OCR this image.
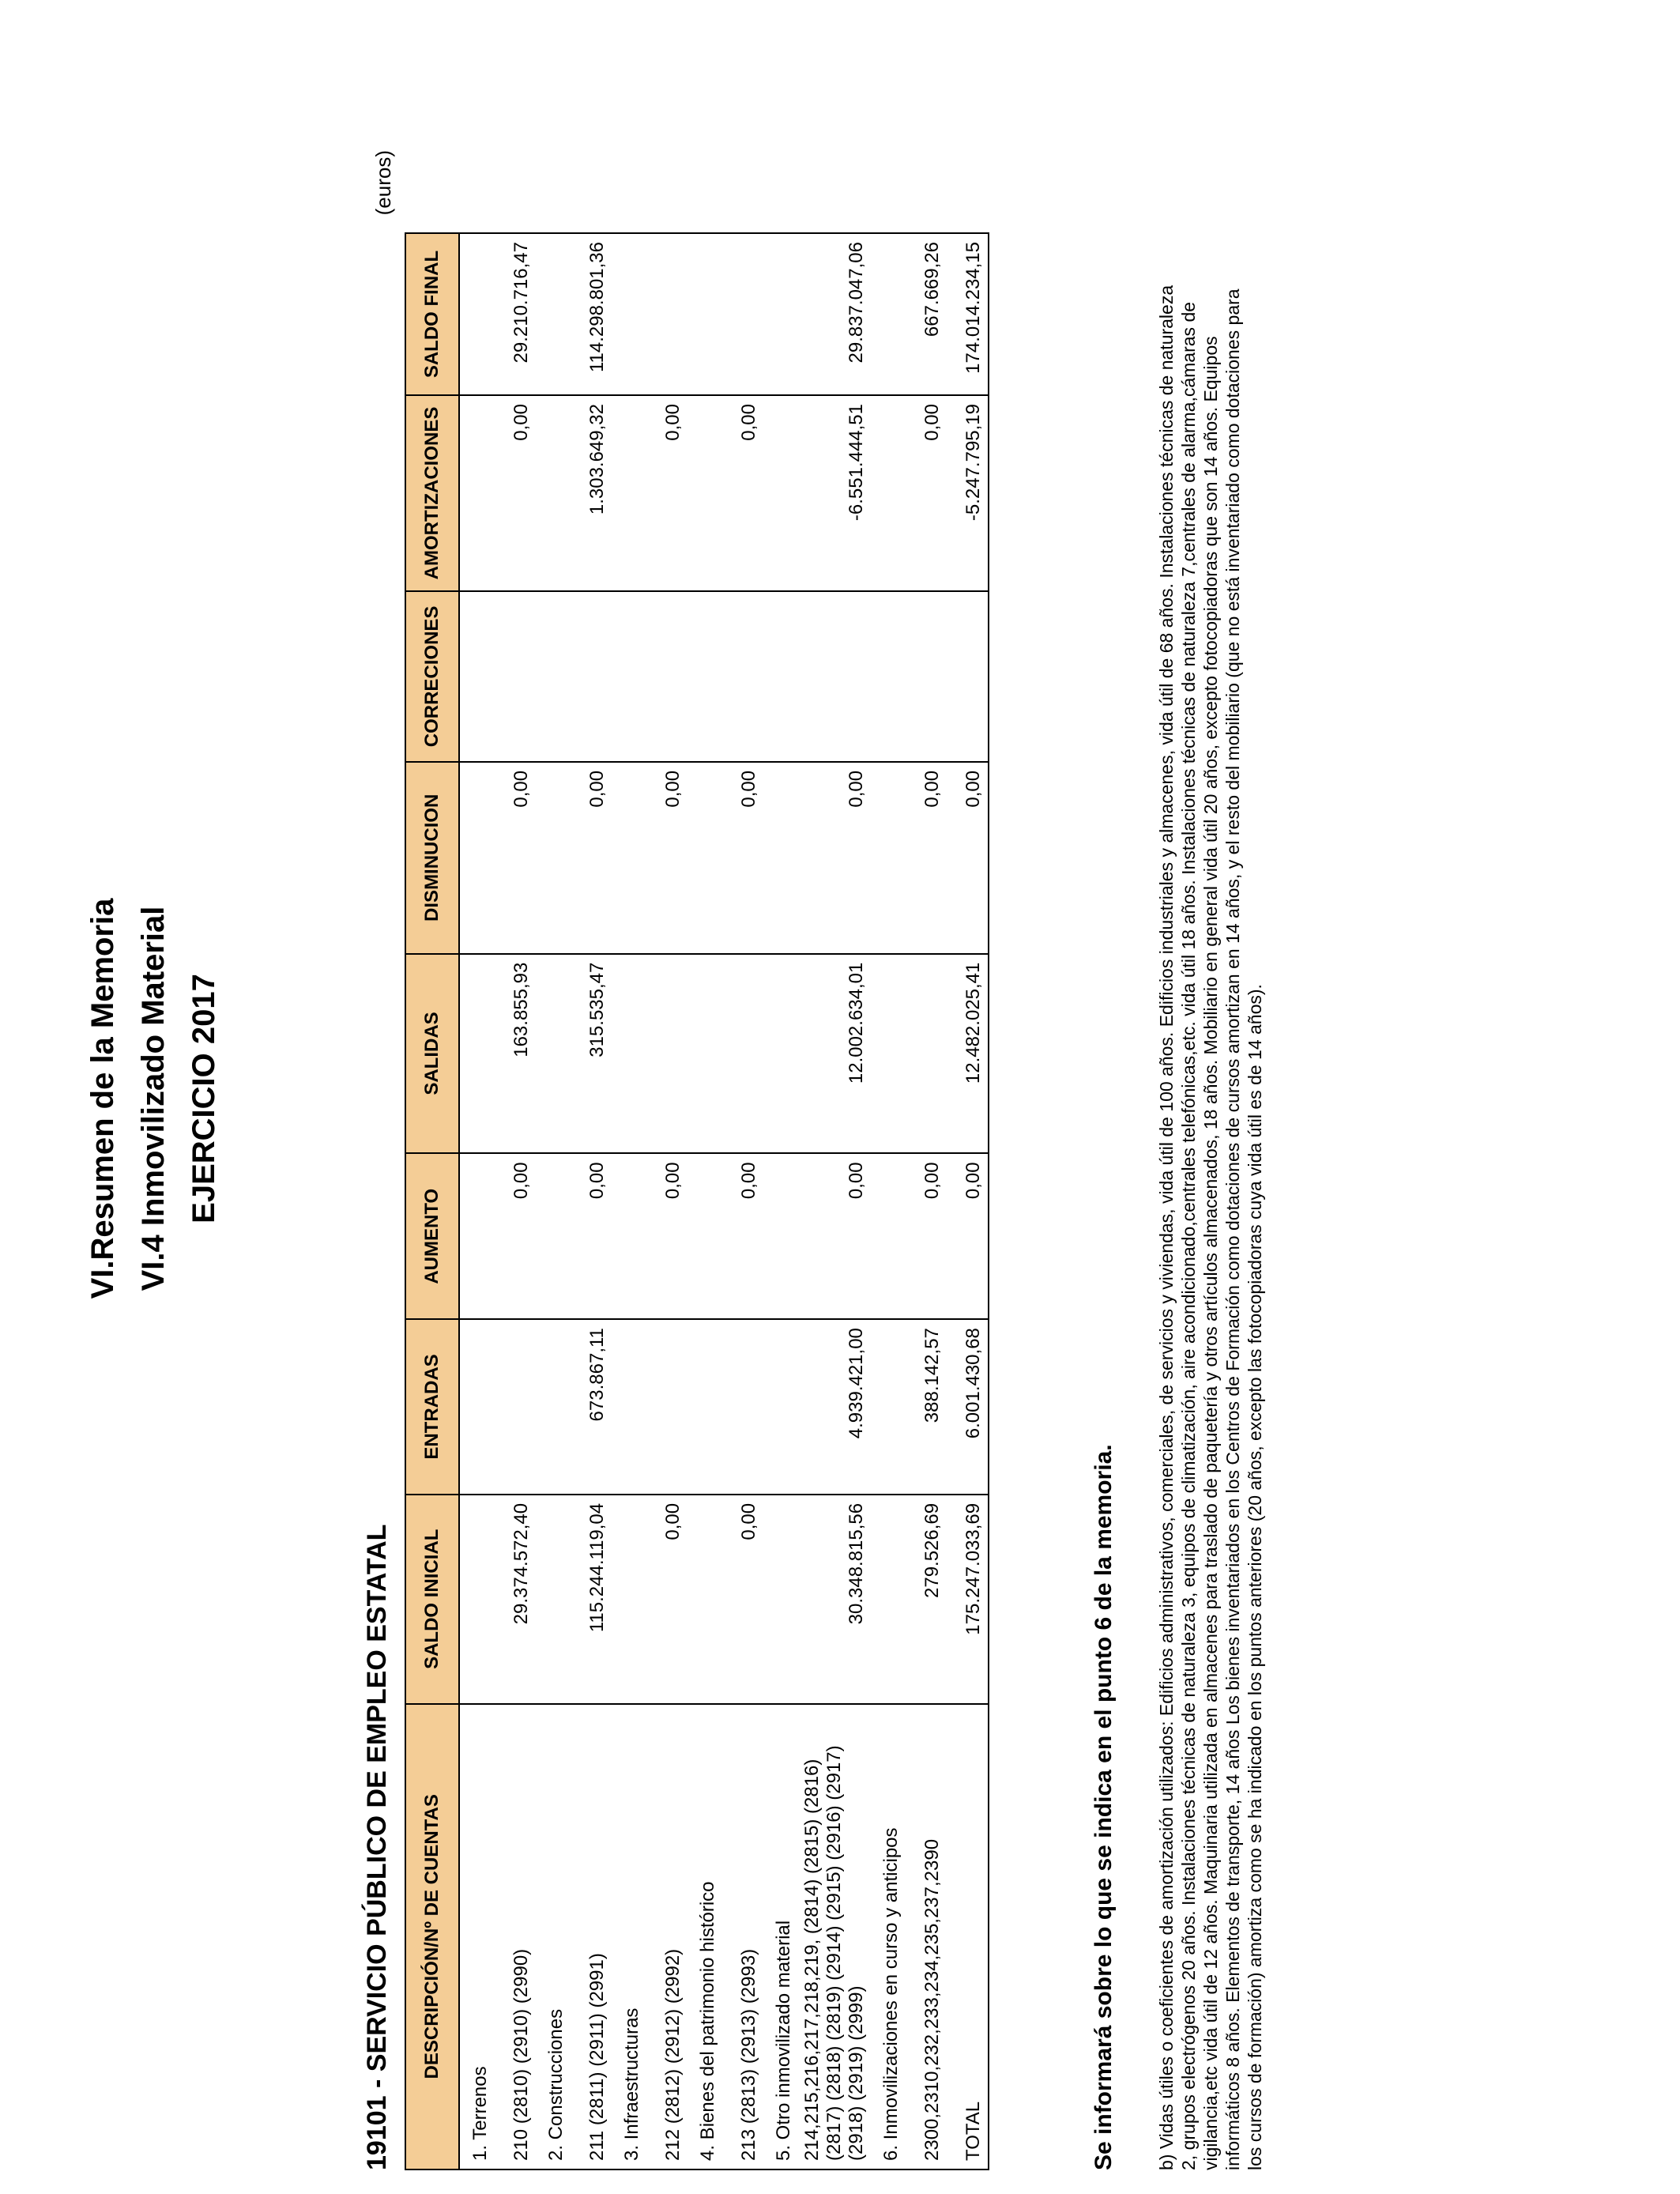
VI.Resumen de la Memoria VI.4 Inmovilizado Material EJERCICIO 2017
19101 - SERVICIO PÚBLICO DE EMPLEO ESTATAL
(euros)
DESCRIPCIÓN/Nº DE CUENTAS	SALDO INICIAL	ENTRADAS	AUMENTO	SALIDAS	DISMINUCION	CORRECIONES	AMORTIZACIONES	SALDO FINAL
1. Terrenos								
210 (2810) (2910) (2990)	29.374.572,40		0,00	163.855,93	0,00		0,00	29.210.716,47
2. Construcciones								
211 (2811) (2911) (2991)	115.244.119,04	673.867,11	0,00	315.535,47	0,00		1.303.649,32	114.298.801,36
3. Infraestructuras								
212 (2812) (2912) (2992)	0,00		0,00		0,00		0,00	
4. Bienes del patrimonio histórico								
213 (2813) (2913) (2993)	0,00		0,00		0,00		0,00	
5. Otro inmovilizado material								
214,215,216,217,218,219, (2814) (2815) (2816) (2817) (2818) (2819) (2914) (2915) (2916) (2917) (2918) (2919) (2999)	30.348.815,56	4.939.421,00	0,00	12.002.634,01	0,00		-6.551.444,51	29.837.047,06
6. Inmovilizaciones en curso y anticipos								
2300,2310,232,233,234,235,237,2390	279.526,69	388.142,57	0,00		0,00		0,00	667.669,26
TOTAL	175.247.033,69	6.001.430,68	0,00	12.482.025,41	0,00		-5.247.795,19	174.014.234,15
Se informará sobre lo que se indica en el punto 6 de la memoria. b) Vidas útiles o coeficientes de amortización utilizados: Edificios administrativos, comerciales, de servicios y viviendas, vida útil de 100 años. Edificios industriales y almacenes, vida útil de 68 años. Instalaciones técnicas de naturaleza 2, grupos electrógenos 20 años. Instalaciones técnicas de naturaleza 3, equipos de climatización, aire acondicionado,centrales telefónicas,etc. vida útil 18 años. Instalaciones técnicas de naturaleza 7,centrales de alarma,cámaras de vigilancia,etc vida útil de 12 años. Maquinaria utilizada en almacenes para traslado de paquetería y otros artículos almacenados, 18 años. Mobiliario en general vida útil 20 años, excepto fotocopiadoras que son 14 años. Equipos informáticos 8 años. Elementos de transporte, 14 años Los bienes inventariados en los Centros de Formación como dotaciones de cursos amortizan en 14 años, y el resto del mobiliario (que no está inventariado como dotaciones para los cursos de formación) amortiza como se ha indicado en los puntos anteriores (20 años, excepto las fotocopiadoras cuya vida útil es de 14 años).
